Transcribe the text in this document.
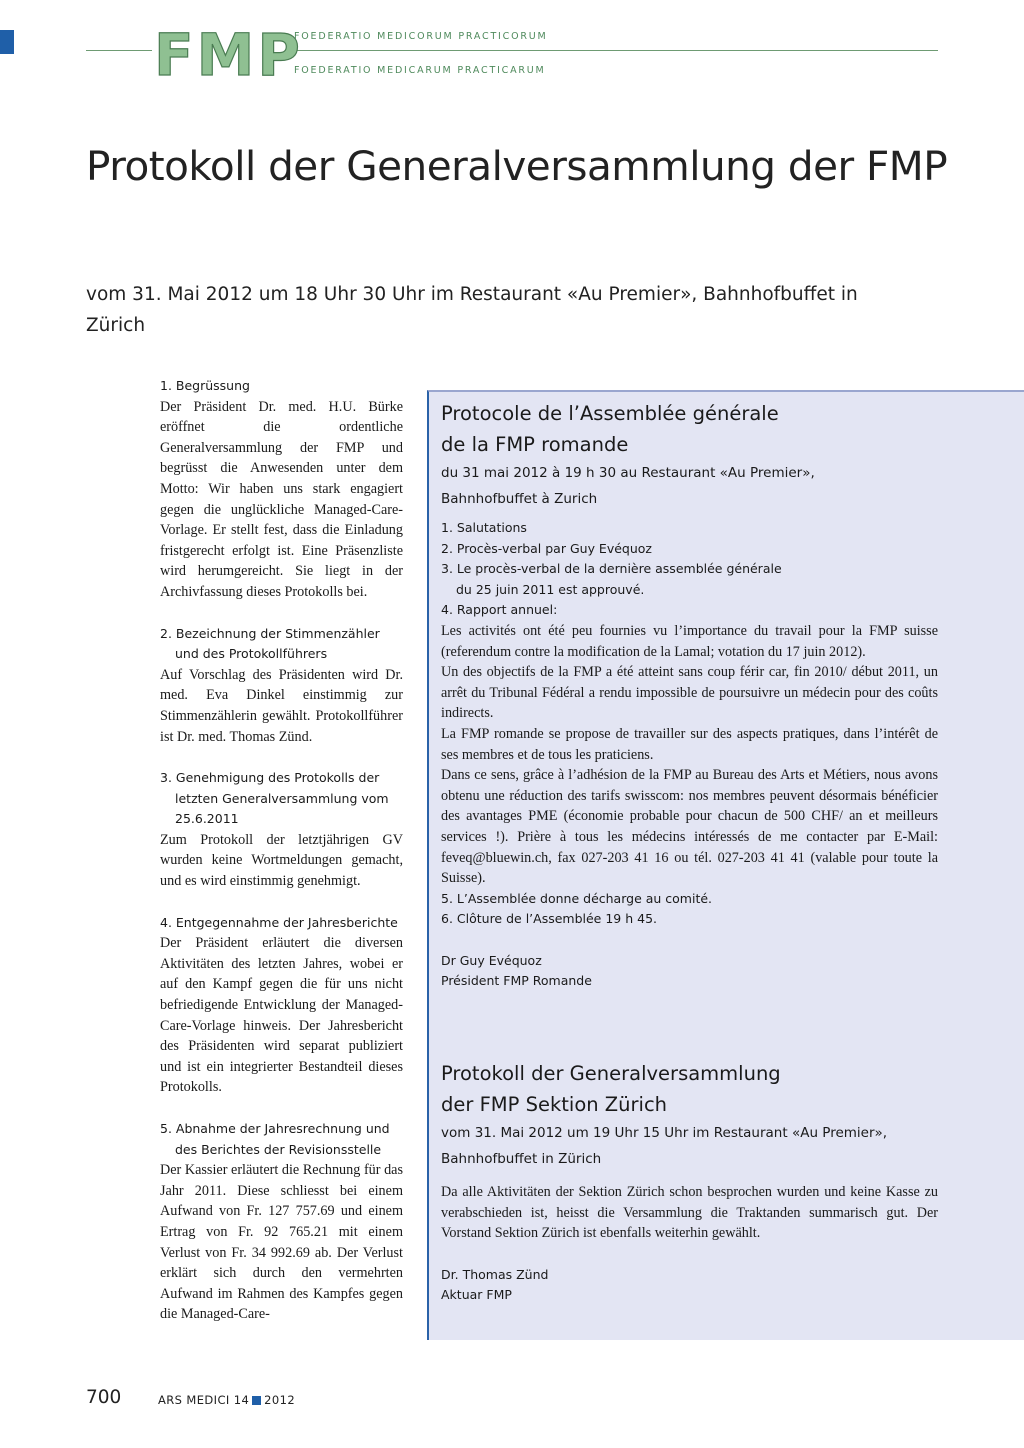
FMP
FOEDERATIO MEDICORUM PRACTICORUM
FOEDERATIO MEDICARUM PRACTICARUM
Protokoll der Generalversammlung der FMP
vom 31. Mai 2012 um 18 Uhr 30 Uhr im Restaurant «Au Premier», Bahnhofbuffet in Zürich
1. Begrüssung

Der Präsident Dr. med. H.U. Bürke eröffnet die ordentliche Generalversammlung der FMP und begrüsst die Anwesenden unter dem Motto: Wir haben uns stark engagiert gegen die unglückliche Managed-Care-Vorlage. Er stellt fest, dass die Einladung fristgerecht erfolgt ist. Eine Präsenzliste wird herumgereicht. Sie liegt in der Archivfassung dieses Protokolls bei.

2. Bezeichnung der Stimmenzähler und des Protokollführers

Auf Vorschlag des Präsidenten wird Dr. med. Eva Dinkel einstimmig zur Stimmenzählerin gewählt. Protokollführer ist Dr. med. Thomas Zünd.

3. Genehmigung des Protokolls der letzten Generalversammlung vom 25.6.2011

Zum Protokoll der letztjährigen GV wurden keine Wortmeldungen gemacht, und es wird einstimmig genehmigt.

4. Entgegennahme der Jahresberichte

Der Präsident erläutert die diversen Aktivitäten des letzten Jahres, wobei er auf den Kampf gegen die für uns nicht befriedigende Entwicklung der Managed-Care-Vorlage hinweis. Der Jahresbericht des Präsidenten wird separat publiziert und ist ein integrierter Bestandteil dieses Protokolls.

5. Abnahme der Jahresrechnung und des Berichtes der Revisionsstelle

Der Kassier erläutert die Rechnung für das Jahr 2011. Diese schliesst bei einem Aufwand von Fr. 127 757.69 und einem Ertrag von Fr. 92 765.21 mit einem Verlust von Fr. 34 992.69 ab. Der Verlust erklärt sich durch den vermehrten Aufwand im Rahmen des Kampfes gegen die Managed-Care-

Protocole de l’Assemblée générale
de la FMP romande
du 31 mai 2012 à 19 h 30 au Restaurant «Au Premier»,
Bahnhofbuffet à Zurich
1. Salutations
2. Procès-verbal par Guy Evéquoz
3. Le procès-verbal de la dernière assemblée générale
du 25 juin 2011 est approuvé.
4. Rapport annuel:

Les activités ont été peu fournies vu l’importance du travail pour la FMP suisse (referendum contre la modification de la Lamal; votation du 17 juin 2012).

Un des objectifs de la FMP a été atteint sans coup férir car, fin 2010/ début 2011, un arrêt du Tribunal Fédéral a rendu impossible de poursuivre un médecin pour des coûts indirects.

La FMP romande se propose de travailler sur des aspects pratiques, dans l’intérêt de ses membres et de tous les praticiens.

Dans ce sens, grâce à l’adhésion de la FMP au Bureau des Arts et Métiers, nous avons obtenu une réduction des tarifs swisscom: nos membres peuvent désormais bénéficier des avantages PME (économie probable pour chacun de 500 CHF/ an et meilleurs services !). Prière à tous les médecins intéressés de me contacter par E-Mail: feveq@bluewin.ch, fax 027-203 41 16 ou tél. 027-203 41 41 (valable pour toute la Suisse).

5. L’Assemblée donne décharge au comité.
6. Clôture de l’Assemblée 19 h 45.
Dr Guy Evéquoz
Président FMP Romande
Protokoll der Generalversammlung
der FMP Sektion Zürich
vom 31. Mai 2012 um 19 Uhr 15 Uhr im Restaurant «Au Premier»,
Bahnhofbuffet in Zürich

Da alle Aktivitäten der Sektion Zürich schon besprochen wurden und keine Kasse zu verabschieden ist, heisst die Versammlung die Traktanden summarisch gut. Der Vorstand Sektion Zürich ist ebenfalls weiterhin gewählt.

Dr. Thomas Zünd
Aktuar FMP
700	ARS MEDICI 14 2012
